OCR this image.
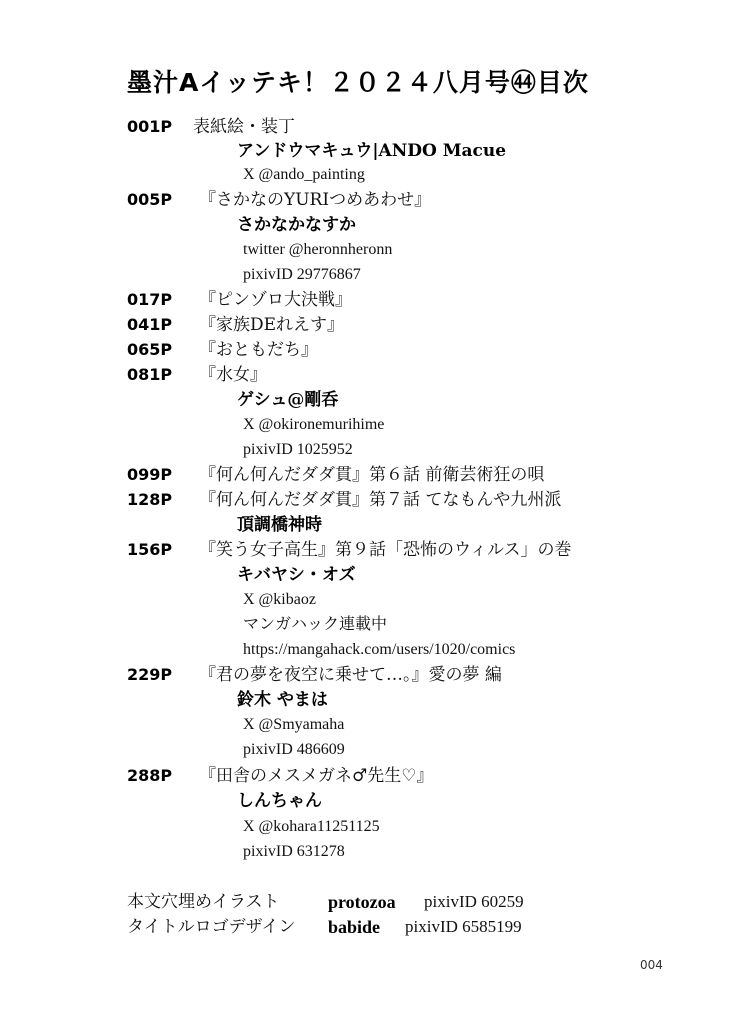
墨汁Aイッテキ！２０２４八月号㊹目次
001P	表紙絵・装丁
アンドウマキュウ|ANDO Macue
X @ando_painting
005P	『さかなのYURIつめあわせ』
さかなかなすか
twitter @heronnheronn
pixivID 29776867
017P	『ピンゾロ大決戦』
041P	『家族DEれえす』
065P	『おともだち』
081P	『水女』
ゲシュ@剛呑
X @okironemurihime
pixivID 1025952
099P	『何ん何んだダダ貫』第６話 前衛芸術狂の唄
128P	『何ん何んだダダ貫』第７話 てなもんや九州派
頂調橋神時
156P	『笑う女子高生』第９話「恐怖のウィルス」の巻
キバヤシ・オズ
X @kibaoz
マンガハック連載中
https://mangahack.com/users/1020/comics
229P	『君の夢を夜空に乗せて…。』愛の夢 編
鈴木 やまは
X @Smyamaha
pixivID 486609
288P	『田舎のメスメガネ♂先生♡』
しんちゃん
X @kohara11251125
pixivID 631278
本文穴埋めイラスト	protozoa pixivID 60259
タイトルロゴデザイン babide pixivID 6585199
004
